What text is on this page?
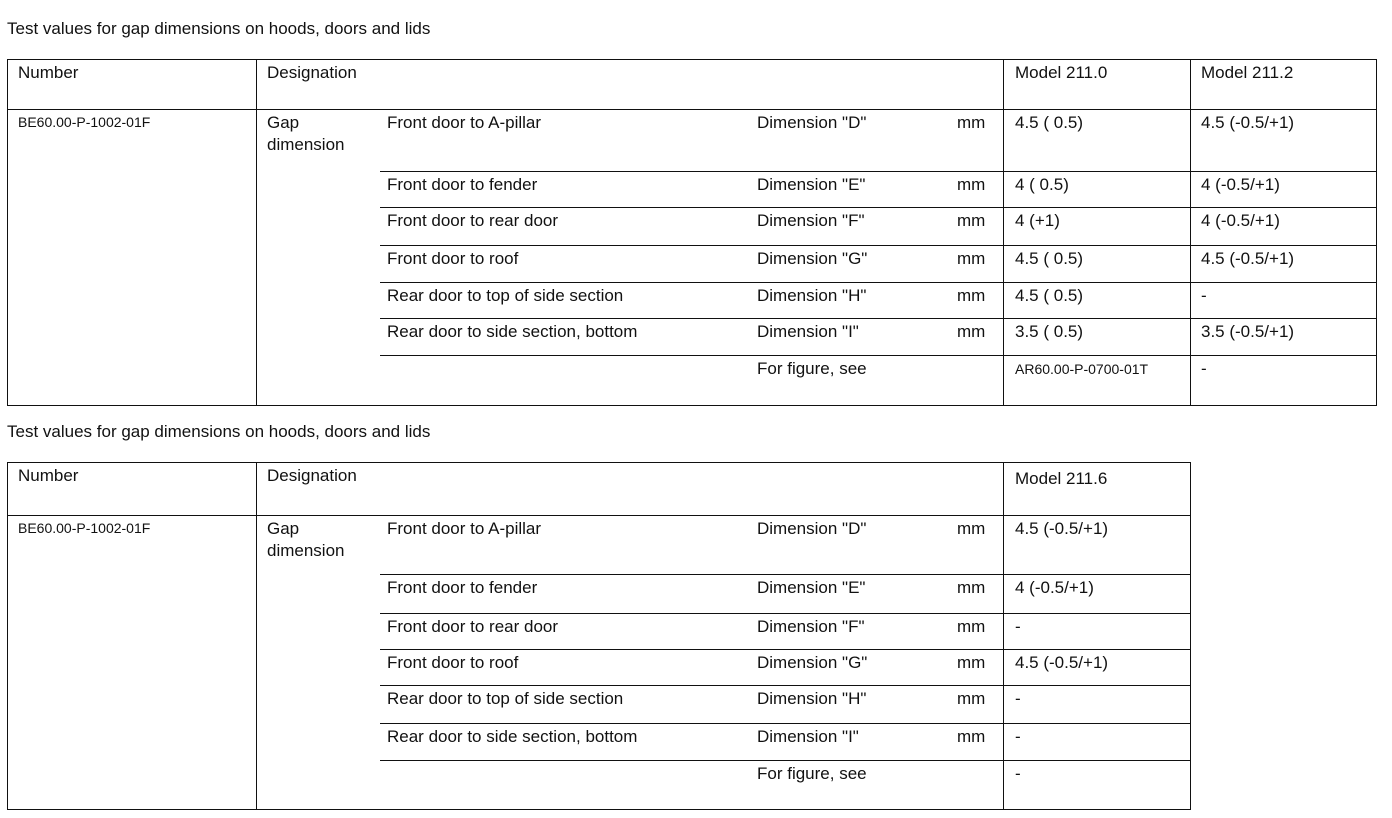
Test values for gap dimensions on hoods, doors and lids
Number	Designation	Model 211.0	Model 211.2
BE60.00-P-1002-01F	Gap dimension
Front door to A-pillar	Dimension "D"	mm 4.5 ( 0.5)	4.5 (-0.5/+1)
Front door to fender	Dimension "E"	mm 4 ( 0.5)	4 (-0.5/+1)
Front door to rear door	Dimension "F"	mm 4 (+1)	4 (-0.5/+1)
Front door to roof	Dimension "G"	mm 4.5 ( 0.5)	4.5 (-0.5/+1)
Rear door to top of side section	Dimension "H"	mm 4.5 ( 0.5)	-
Rear door to side section, bottom	Dimension "I"	mm 3.5 ( 0.5)	3.5 (-0.5/+1)
For figure, see	AR60.00-P-0700-01T	-
Test values for gap dimensions on hoods, doors and lids
Number	Designation	Model 211.6
BE60.00-P-1002-01F	Gap dimension
Front door to A-pillar	Dimension "D"	mm 4.5 (-0.5/+1)
Front door to fender	Dimension "E"	mm 4 (-0.5/+1)
Front door to rear door	Dimension "F"	mm -
Front door to roof	Dimension "G"	mm 4.5 (-0.5/+1)
Rear door to top of side section	Dimension "H"	mm -
Rear door to side section, bottom	Dimension "I"	mm -
For figure, see	-
